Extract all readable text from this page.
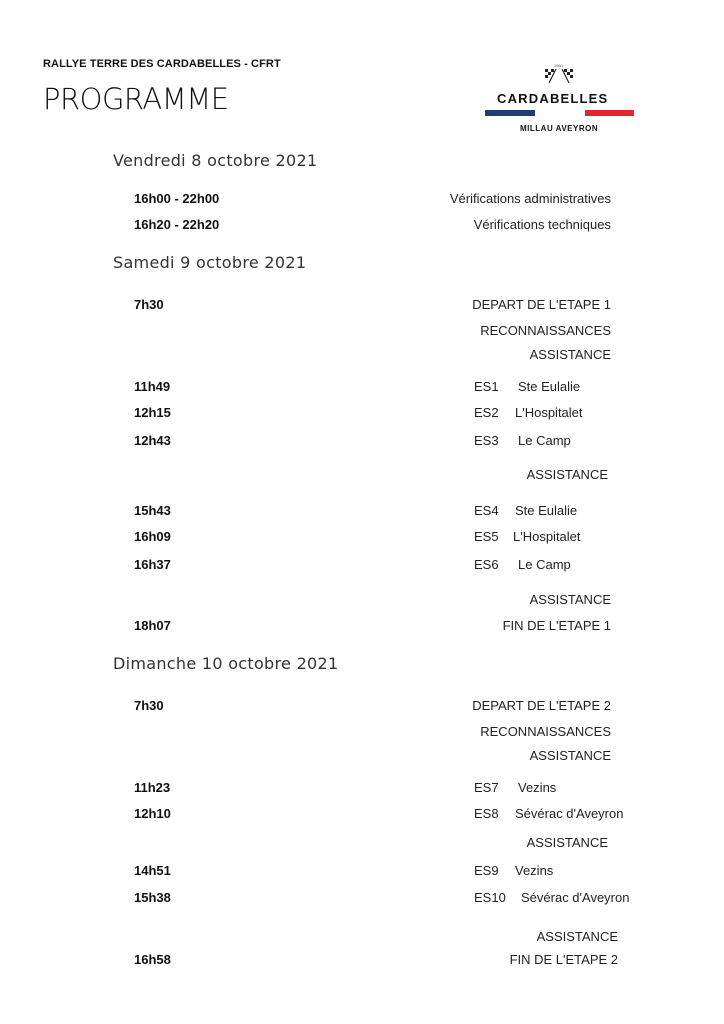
RALLYE TERRE DES CARDABELLES - CFRT
PROGRAMME
1984
CARDABELLES
MILLAU AVEYRON
Vendredi 8 octobre 2021
16h00 - 22h00	Vérifications administratives
16h20 - 22h20	Vérifications techniques
Samedi 9 octobre 2021
7h30	DEPART DE L'ETAPE 1
RECONNAISSANCES
ASSISTANCE
11h49	ES1 Ste Eulalie
12h15	ES2 L'Hospitalet
12h43	ES3 Le Camp
ASSISTANCE
15h43	ES4 Ste Eulalie
16h09	ES5 L'Hospitalet
16h37	ES6 Le Camp
ASSISTANCE
18h07	FIN DE L'ETAPE 1
Dimanche 10 octobre 2021
7h30	DEPART DE L'ETAPE 2
RECONNAISSANCES
ASSISTANCE
11h23	ES7 Vezins
12h10	ES8 Sévérac d'Aveyron
ASSISTANCE
14h51	ES9 Vezins
15h38	ES10 Sévérac d'Aveyron
ASSISTANCE
16h58	FIN DE L'ETAPE 2
